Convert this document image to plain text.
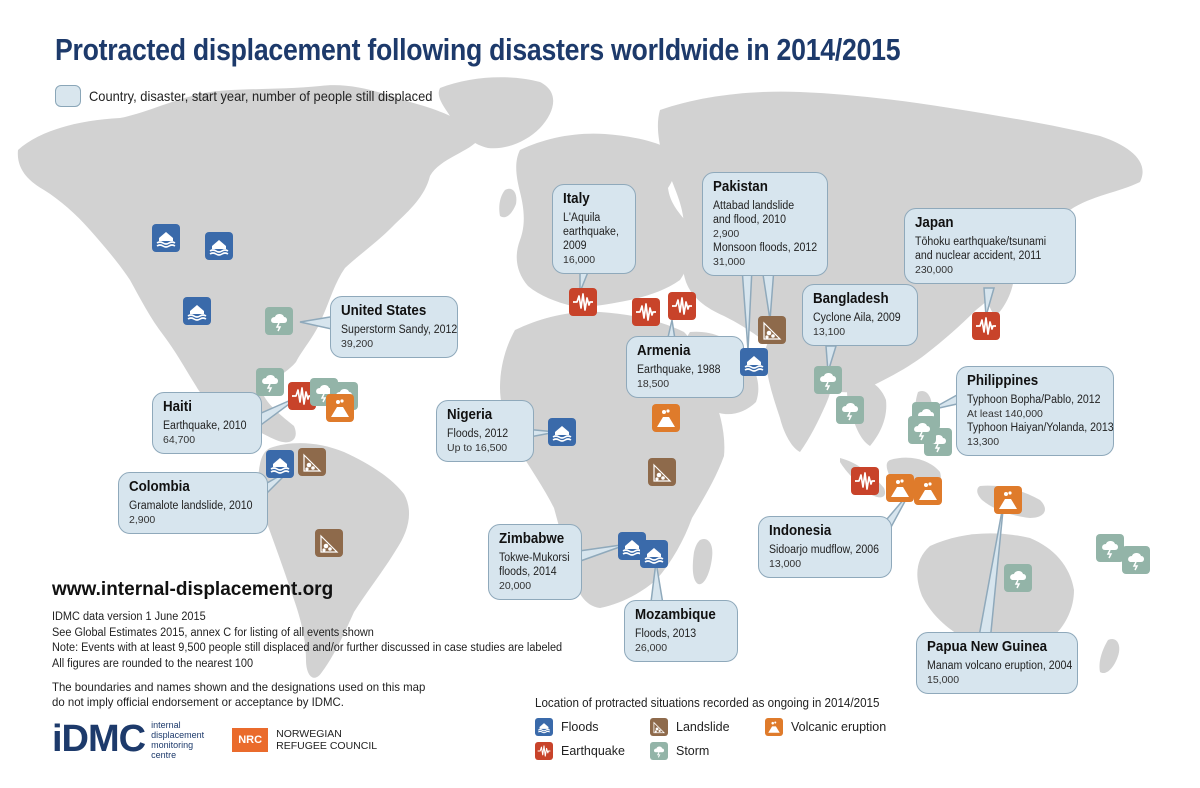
Protracted displacement following disasters worldwide in 2014/2015
Country, disaster, start year, number of people still displaced
United States
Superstorm Sandy, 2012
39,200
Haiti
Earthquake, 2010
64,700
Colombia
Gramalote landslide, 2010
2,900
Italy
L'Aquila
earthquake,
2009
16,000
Pakistan
Attabad landslide
and flood, 2010
2,900
Monsoon floods, 2012
31,000
Japan
Tōhoku earthquake/tsunami
and nuclear accident, 2011
230,000
Bangladesh
Cyclone Aila, 2009
13,100
Armenia
Earthquake, 1988
18,500
Nigeria
Floods, 2012
Up to 16,500
Philippines
Typhoon Bopha/Pablo, 2012
At least 140,000
Typhoon Haiyan/Yolanda, 2013
13,300
Indonesia
Sidoarjo mudflow, 2006
13,000
Zimbabwe
Tokwe-Mukorsi
floods, 2014
20,000
Mozambique
Floods, 2013
26,000	Papua New Guinea
Manam volcano eruption, 2004
15,000
www.internal-displacement.org
IDMC data version 1 June 2015
See Global Estimates 2015, annex C for listing of all events shown
Note: Events with at least 9,500 people still displaced and/or further discussed in case studies are labeled
All figures are rounded to the nearest 100
The boundaries and names shown and the designations used on this map
do not imply official endorsement or acceptance by IDMC.
iDMC internal
displacement
monitoring
centre
NRC	NORWEGIAN
REFUGEE COUNCIL
Location of protracted situations recorded as ongoing in 2014/2015
Floods
Earthquake
Landslide
Storm
Volcanic eruption
